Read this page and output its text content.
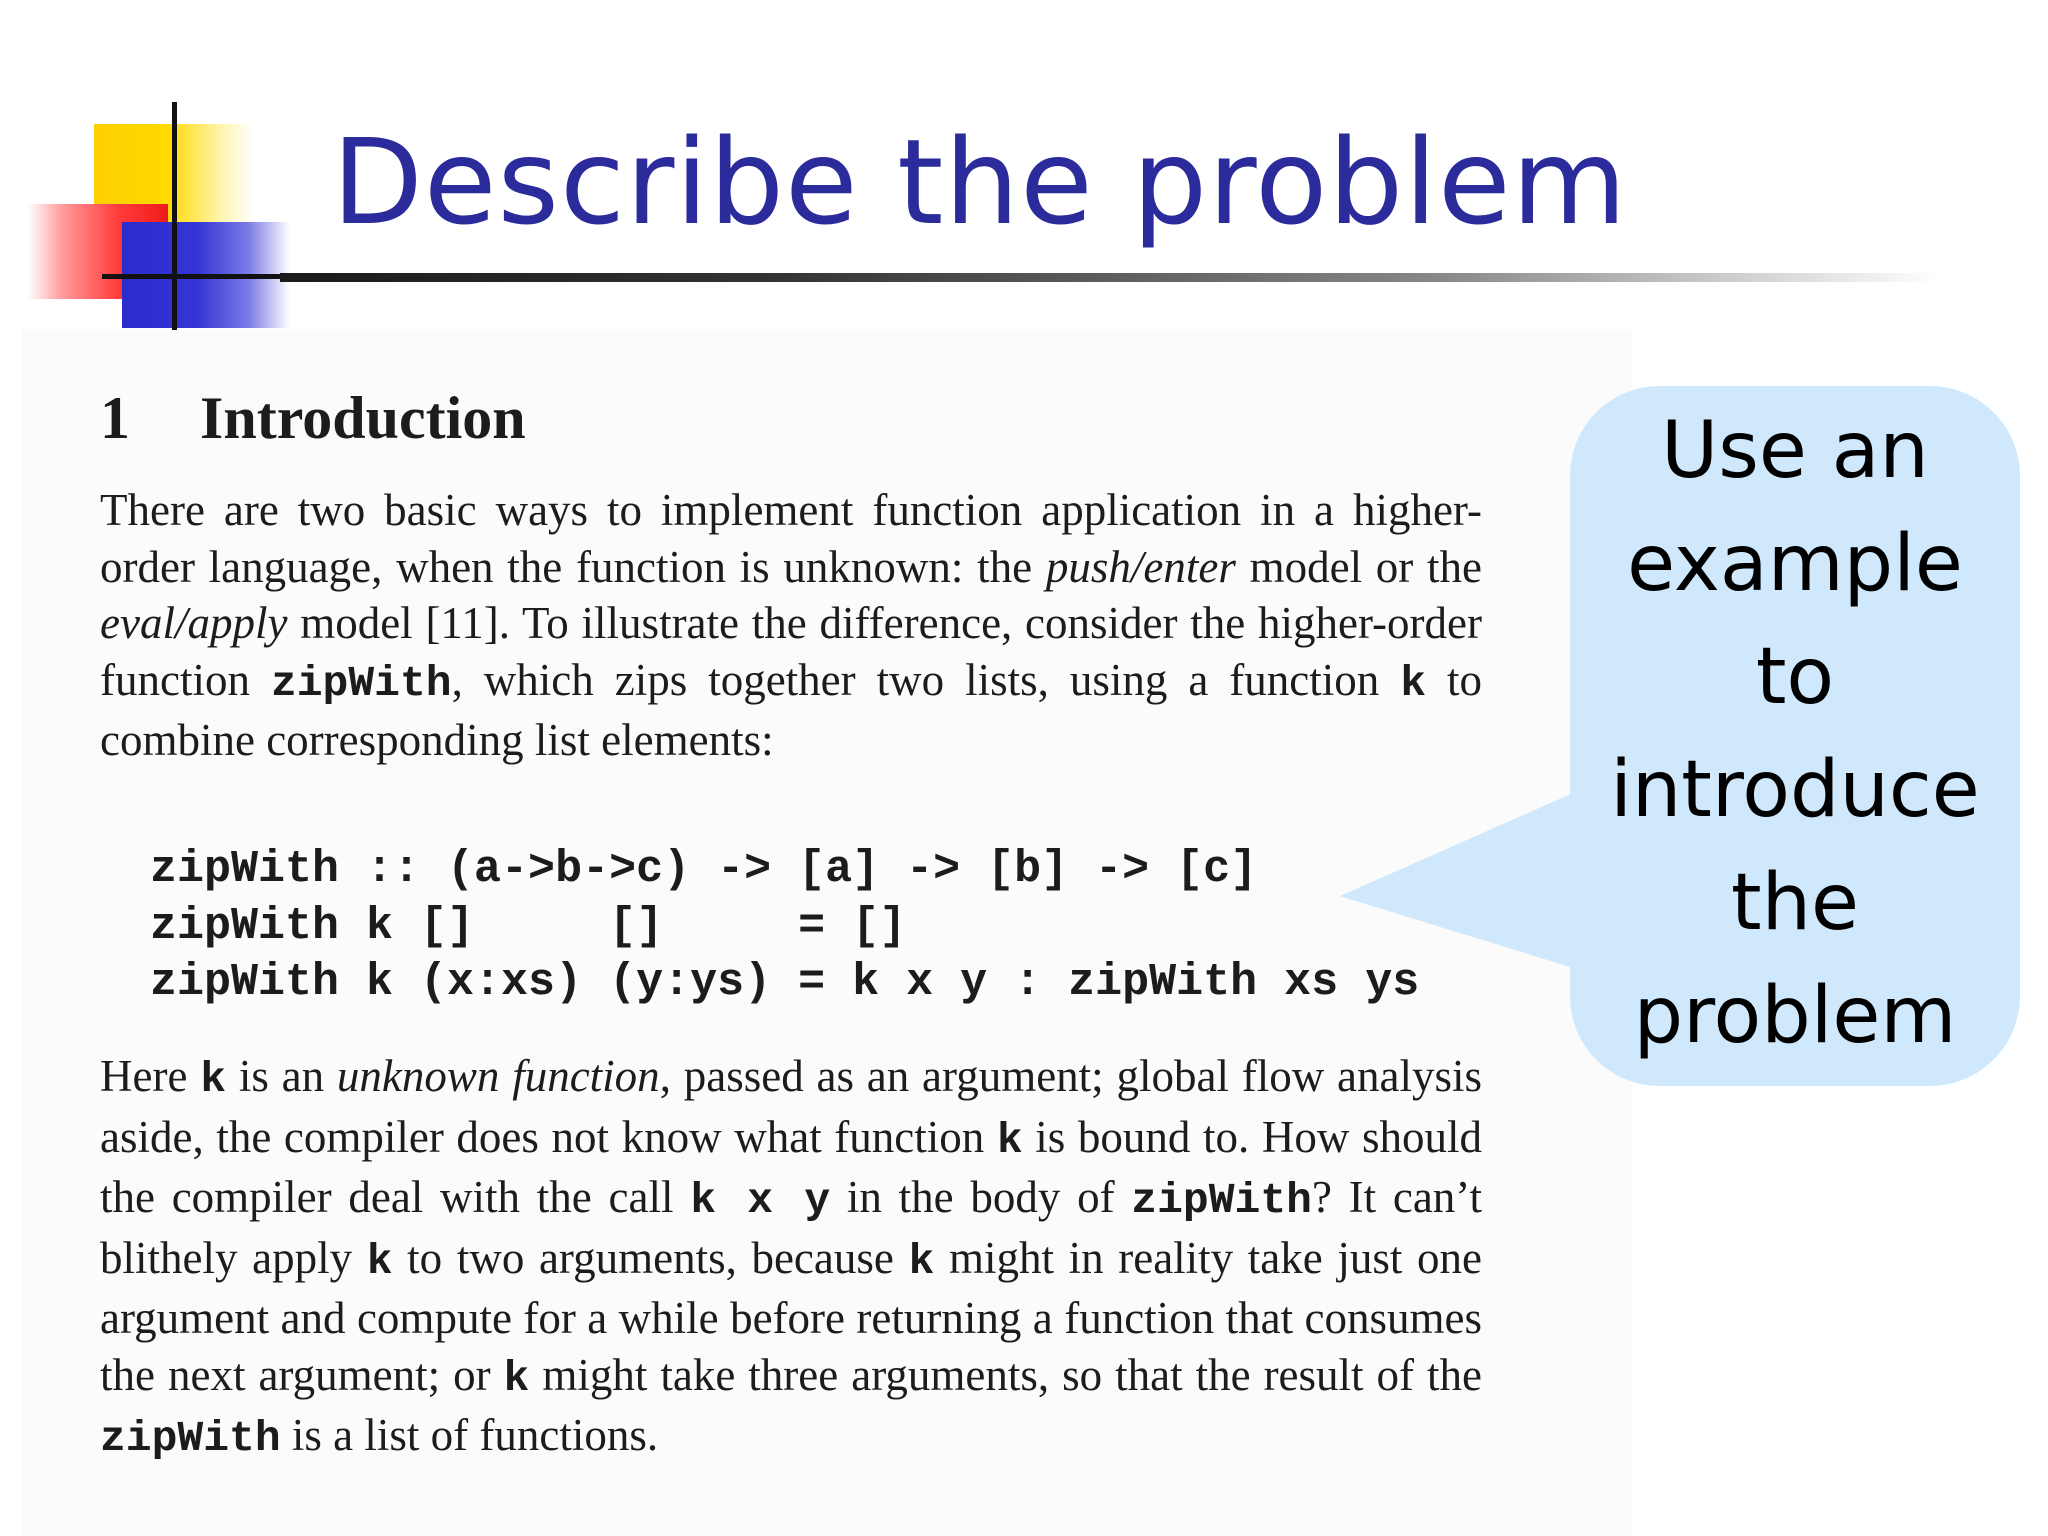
Describe the problem
1 Introduction

There are two basic ways to implement function application in a higher-order language, when the function is unknown: the push/enter model or the eval/apply model [11]. To illustrate the difference, consider the higher-order function zipWith, which zips together two lists, using a function k to combine corresponding list elements:

zipWith :: (a->b->c) -> [a] -> [b] -> [c]
zipWith k []     []     = []
zipWith k (x:xs) (y:ys) = k x y : zipWith xs ys

Here k is an unknown function, passed as an argument; global flow analysis aside, the compiler does not know what function k is bound to. How should the compiler deal with the call k x y in the body of zipWith? It can’t blithely apply k to two arguments, because k might in reality take just one argument and compute for a while before returning a function that consumes the next argument; or k might take three arguments, so that the result of the zipWith is a list of functions.

Use an
example
to
introduce
the
problem
